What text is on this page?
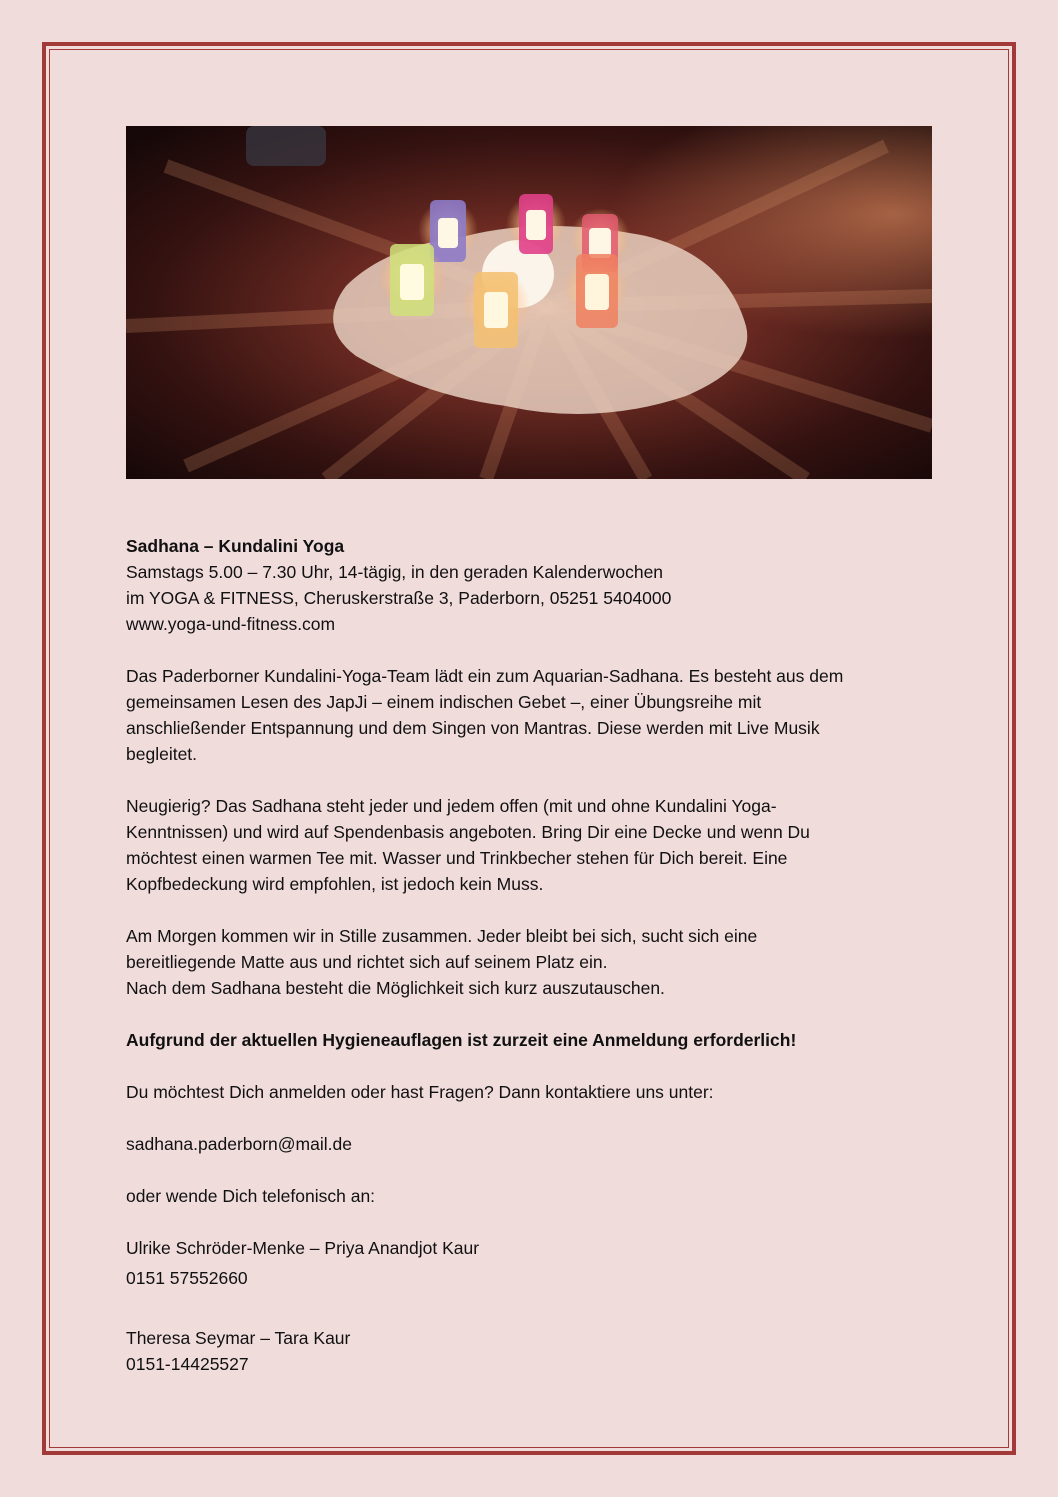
Sadhana – Kundalini Yoga

Samstags 5.00 – 7.30 Uhr, 14-tägig, in den geraden Kalenderwochen

im YOGA & FITNESS, Cheruskerstraße 3, Paderborn, 05251 5404000

www.yoga-und-fitness.com

Das Paderborner Kundalini-Yoga-Team lädt ein zum Aquarian-Sadhana. Es besteht aus dem

gemeinsamen Lesen des JapJi – einem indischen Gebet –, einer Übungsreihe mit

anschließender Entspannung und dem Singen von Mantras. Diese werden mit Live Musik

begleitet.

Neugierig? Das Sadhana steht jeder und jedem offen (mit und ohne Kundalini Yoga-

Kenntnissen) und wird auf Spendenbasis angeboten. Bring Dir eine Decke und wenn Du

möchtest einen warmen Tee mit. Wasser und Trinkbecher stehen für Dich bereit. Eine

Kopfbedeckung wird empfohlen, ist jedoch kein Muss.

Am Morgen kommen wir in Stille zusammen. Jeder bleibt bei sich, sucht sich eine

bereitliegende Matte aus und richtet sich auf seinem Platz ein.

Nach dem Sadhana besteht die Möglichkeit sich kurz auszutauschen.

Aufgrund der aktuellen Hygieneauflagen ist zurzeit eine Anmeldung erforderlich!

Du möchtest Dich anmelden oder hast Fragen? Dann kontaktiere uns unter:

sadhana.paderborn@mail.de

oder wende Dich telefonisch an:

Ulrike Schröder-Menke – Priya Anandjot Kaur

0151 57552660

Theresa Seymar – Tara Kaur

0151-14425527
